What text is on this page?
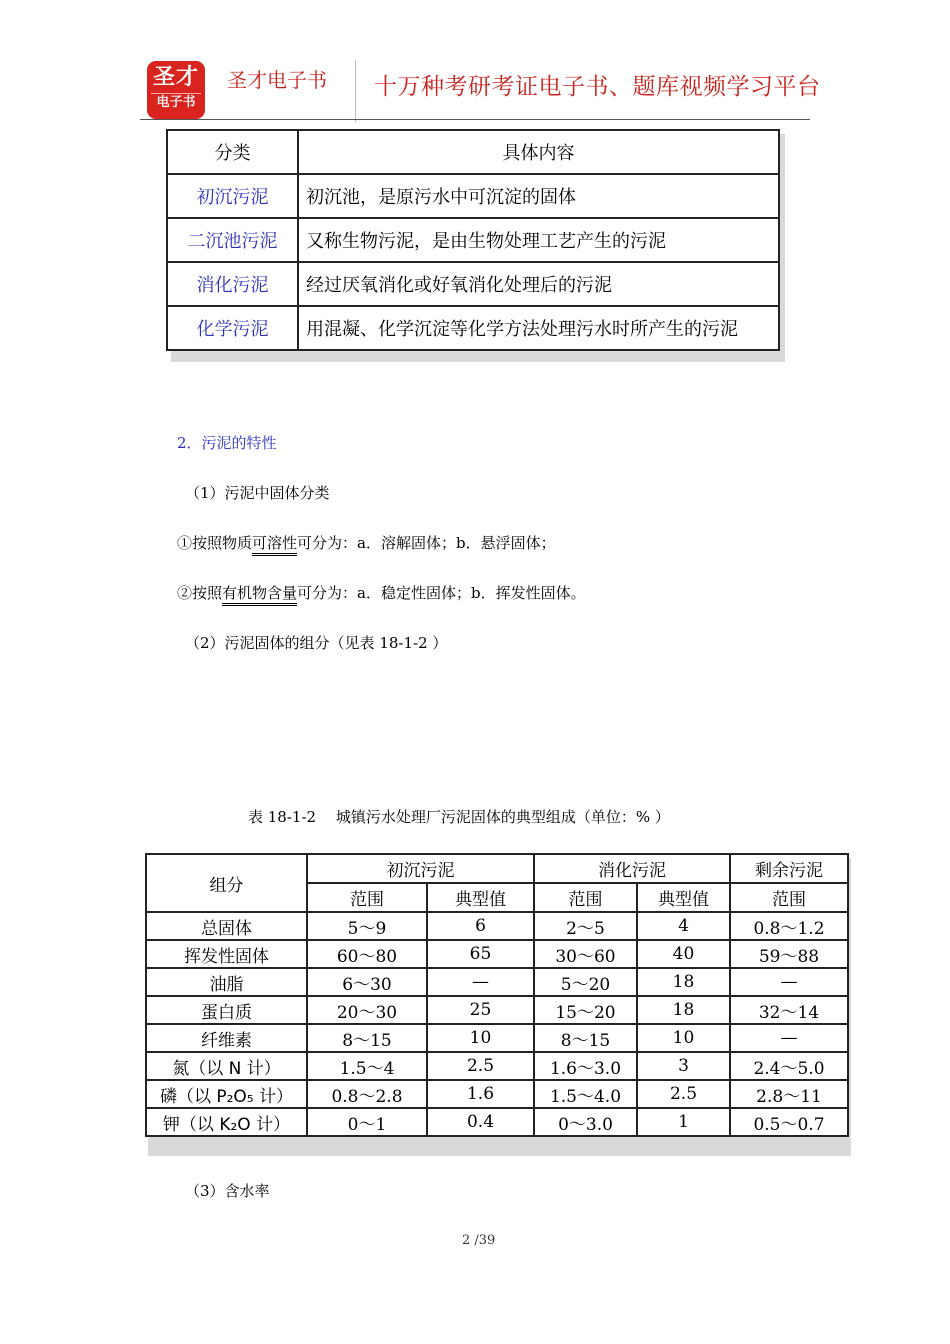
圣才
电子书
圣才电子书 十万种考研考证电子书、题库视频学习平台
分类	具体内容
初沉污泥	初沉池，是原污水中可沉淀的固体
二沉池污泥	又称生物污泥，是由生物处理工艺产生的污泥
消化污泥	经过厌氧消化或好氧消化处理后的污泥
化学污泥	用混凝、化学沉淀等化学方法处理污水时所产生的污泥
2．污泥的特性
（1）污泥中固体分类
①按照物质可溶性可分为：a．溶解固体；b．悬浮固体；
②按照有机物含量可分为：a．稳定性固体；b．挥发性固体。
（2）污泥固体的组分（见表 18-1-2 ）
表 18-1-2　 城镇污水处理厂污泥固体的典型组成（单位：% ）
组分	初沉污泥		消化污泥		剩余污泥
	范围	典型值	范围	典型值	范围
总固体	5～9	6	2～5	4	0.8～1.2
挥发性固体	60～80	65	30～60	40	59～88
油脂	6～30	—	5～20	18	—
蛋白质	20～30	25	15～20	18	32～14
纤维素	8～15	10	8～15	10	—
氮（以 N 计）	1.5～4	2.5	1.6～3.0	3	2.4～5.0
磷（以 P₂O₅ 计）	0.8～2.8	1.6	1.5～4.0	2.5	2.8～11
钾（以 K₂O 计）	0～1	0.4	0～3.0	1	0.5～0.7
（3）含水率
2 /39
